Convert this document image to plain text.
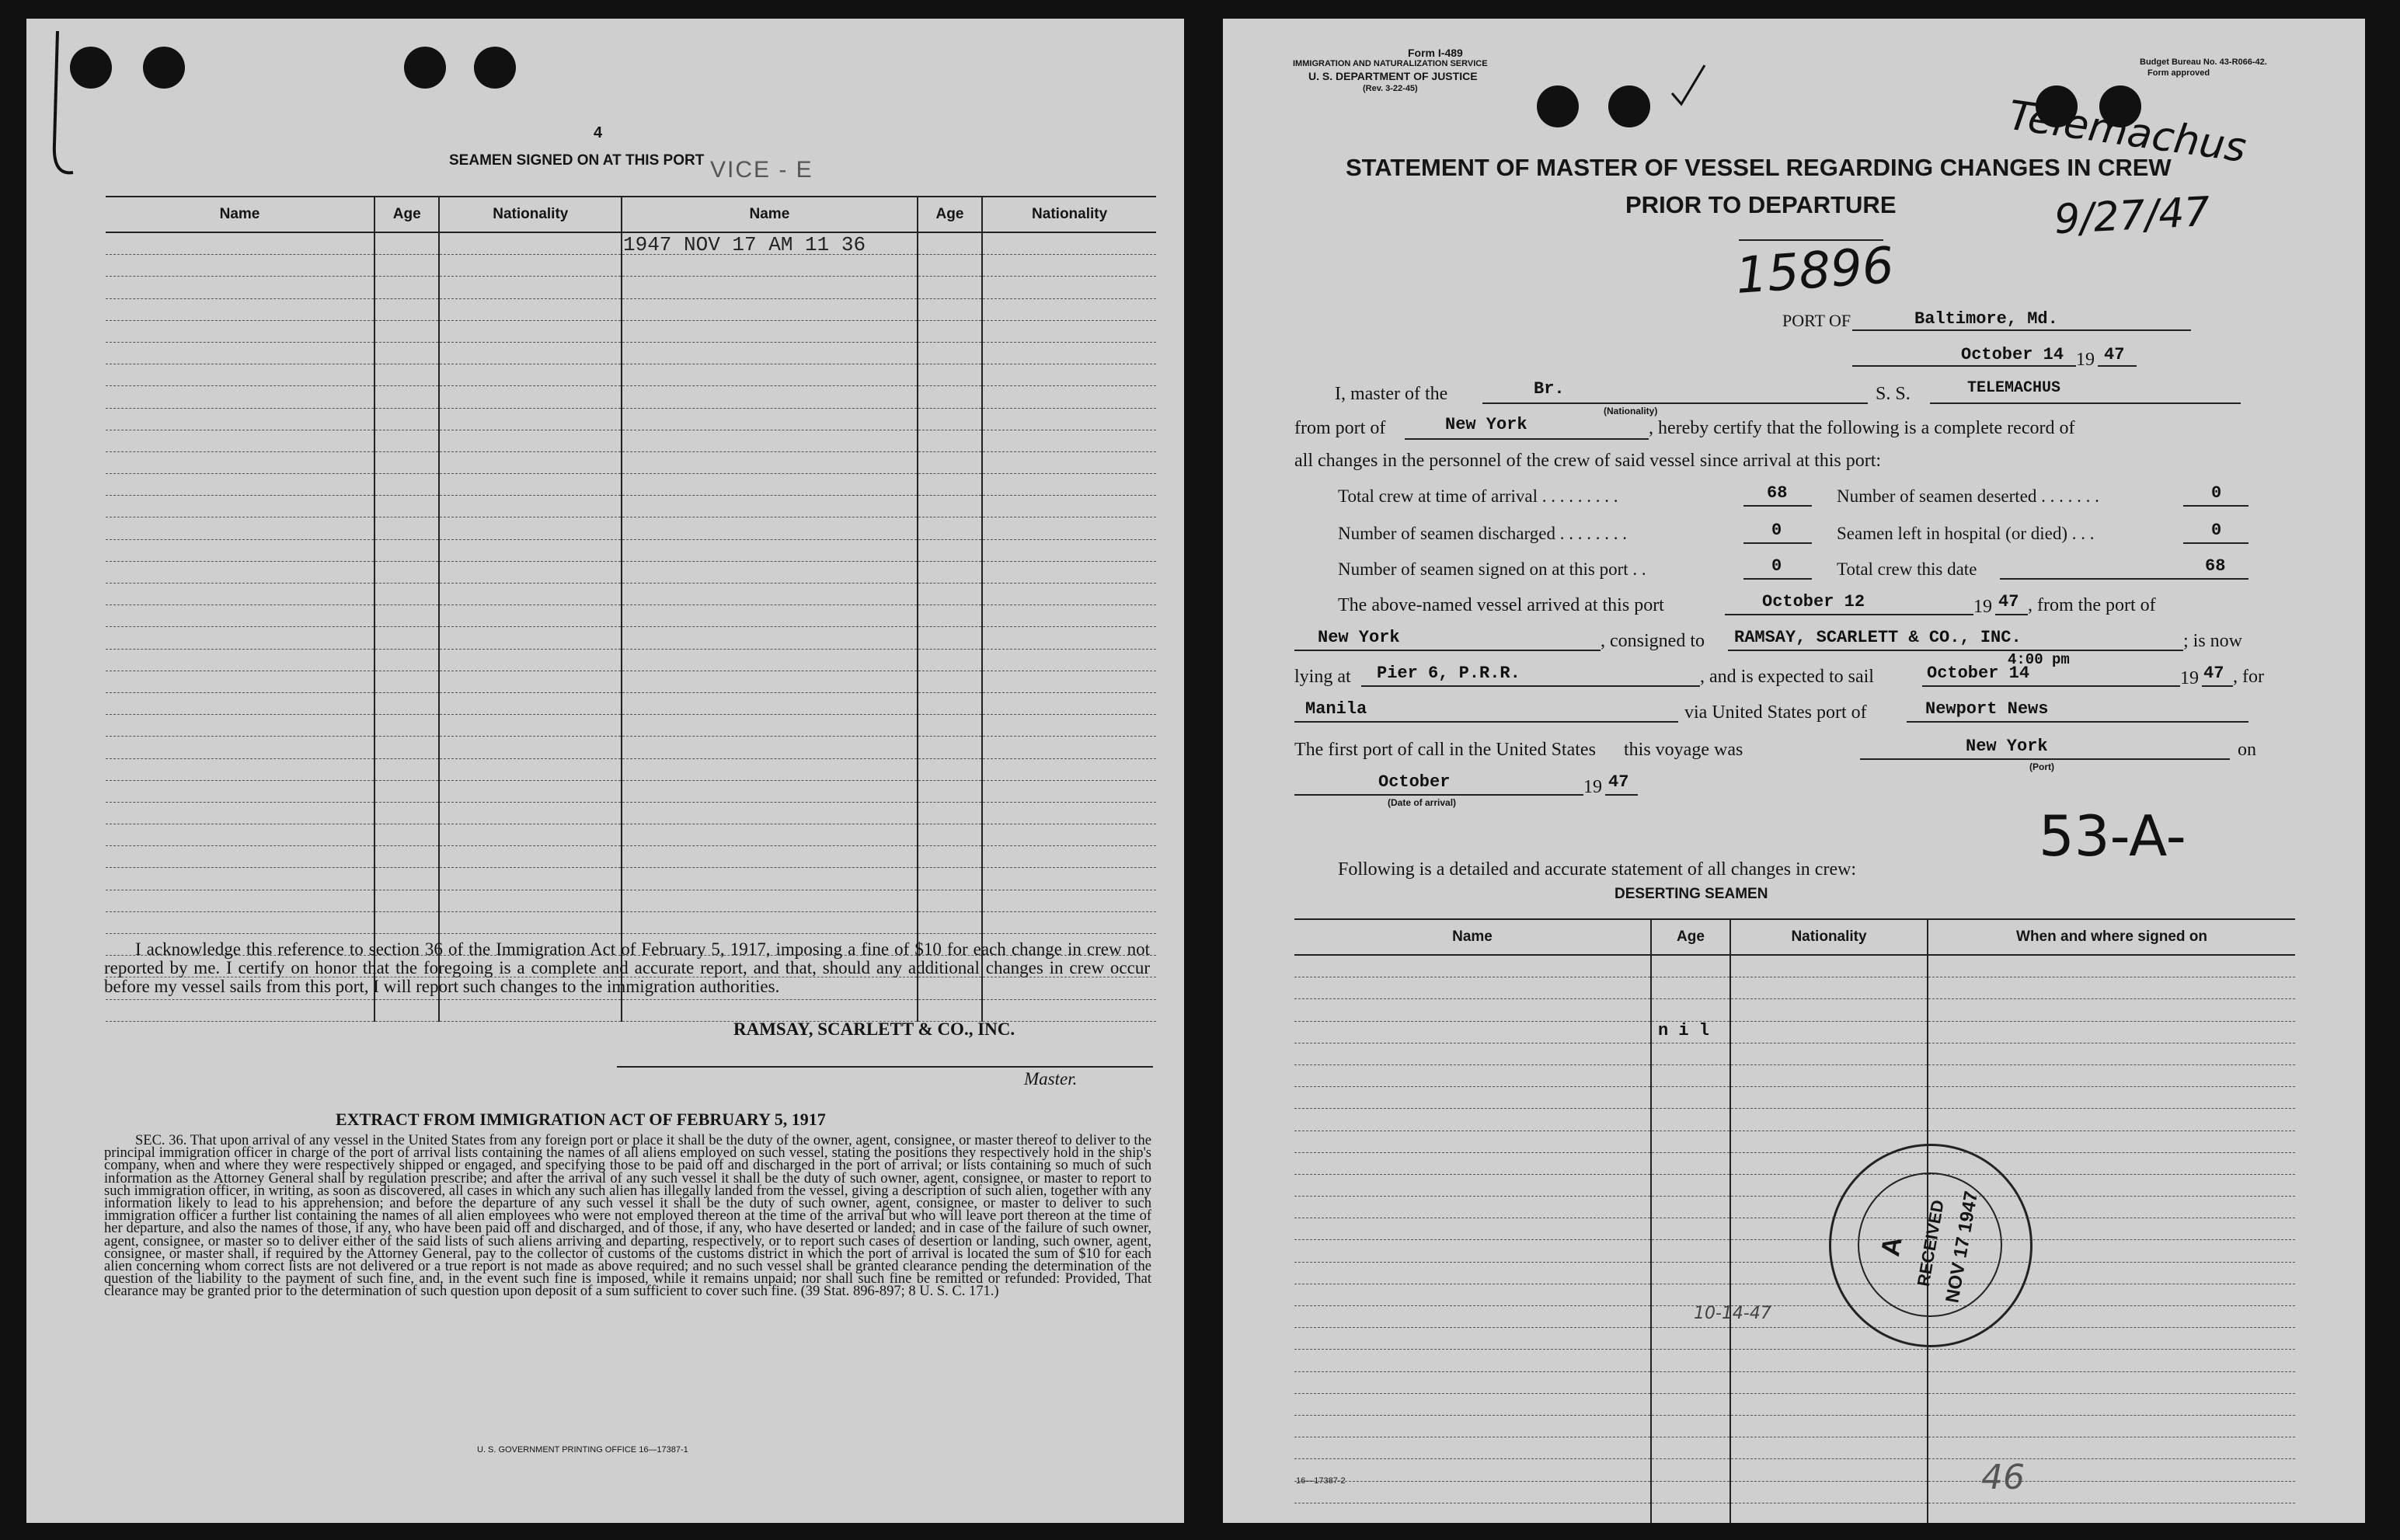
4
SEAMEN SIGNED ON AT THIS PORT VICE - E
Name	Age	Nationality	Name	Age	Nationality

1947 NOV 17 AM 11 36
I acknowledge this reference to section 36 of the Immigration Act of February 5, 1917, imposing a fine of $10 for each change in crew not reported by me. I certify on honor that the foregoing is a complete and accurate report, and that, should any additional changes in crew occur before my vessel sails from this port, I will report such changes to the immigration authorities.
RAMSAY, SCARLETT & CO., INC.
Master.
EXTRACT FROM IMMIGRATION ACT OF FEBRUARY 5, 1917
SEC. 36. That upon arrival of any vessel in the United States from any foreign port or place it shall be the duty of the owner, agent, consignee, or master thereof to deliver to the principal immigration officer in charge of the port of arrival lists containing the names of all aliens employed on such vessel, stating the positions they respectively hold in the ship's company, when and where they were respectively shipped or engaged, and specifying those to be paid off and discharged in the port of arrival; or lists containing so much of such information as the Attorney General shall by regulation prescribe; and after the arrival of any such vessel it shall be the duty of such owner, agent, consignee, or master to report to such immigration officer, in writing, as soon as discovered, all cases in which any such alien has illegally landed from the vessel, giving a description of such alien, together with any information likely to lead to his apprehension; and before the departure of any such vessel it shall be the duty of such owner, agent, consignee, or master to deliver to such immigration officer a further list containing the names of all alien employees who were not employed thereon at the time of the arrival but who will leave port thereon at the time of her departure, and also the names of those, if any, who have been paid off and discharged, and of those, if any, who have deserted or landed; and in case of the failure of such owner, agent, consignee, or master so to deliver either of the said lists of such aliens arriving and departing, respectively, or to report such cases of desertion or landing, such owner, agent, consignee, or master shall, if required by the Attorney General, pay to the collector of customs of the customs district in which the port of arrival is located the sum of $10 for each alien concerning whom correct lists are not delivered or a true report is not made as above required; and no such vessel shall be granted clearance pending the determination of the question of the liability to the payment of such fine, and, in the event such fine is imposed, while it remains unpaid; nor shall such fine be remitted or refunded: Provided, That clearance may be granted prior to the determination of such question upon deposit of a sum sufficient to cover such fine. (39 Stat. 896-897; 8 U. S. C. 171.)
U. S. GOVERNMENT PRINTING OFFICE 16—17387-1
Form I-489
IMMIGRATION AND NATURALIZATION SERVICE
U. S. DEPARTMENT OF JUSTICE
(Rev. 3-22-45)
Budget Bureau No. 43-R066-42.
Form approved
Telemachus
9/27/47
STATEMENT OF MASTER OF VESSEL REGARDING CHANGES IN CREW
PRIOR TO DEPARTURE
15896
PORT OF	Baltimore, Md.
October 14 19 47
I, master of the	Br.
(Nationality)
S. S.	TELEMACHUS
from port of	New York	, hereby certify that the following is a complete record of
all changes in the personnel of the crew of said vessel since arrival at this port:
Total crew at time of arrival . . . . . . . . .	68	Number of seamen deserted . . . . . . .	0
Number of seamen discharged . . . . . . . .	0	Seamen left in hospital (or died) . . .	0
Number of seamen signed on at this port . .	0	Total crew this date	68
The above-named vessel arrived at this port	October 12	19 47 , from the port of
New York	, consigned to RAMSAY, SCARLETT & CO., INC.	; is now
lying at Pier 6, P.R.R.	, and is expected to sail
4:00 pm
October 14	19 47 , for
Manila	via United States port of	Newport News
The first port of call in the United States this voyage was	New York
(Port)
on
October
(Date of arrival)
19 47
53-A-
Following is a detailed and accurate statement of all changes in crew:
DESERTING SEAMEN
Name	Age	Nationality	When and where signed on

n i l
10-14-47
A RECEIVED
NOV 17 1947
16—17387-2	46
